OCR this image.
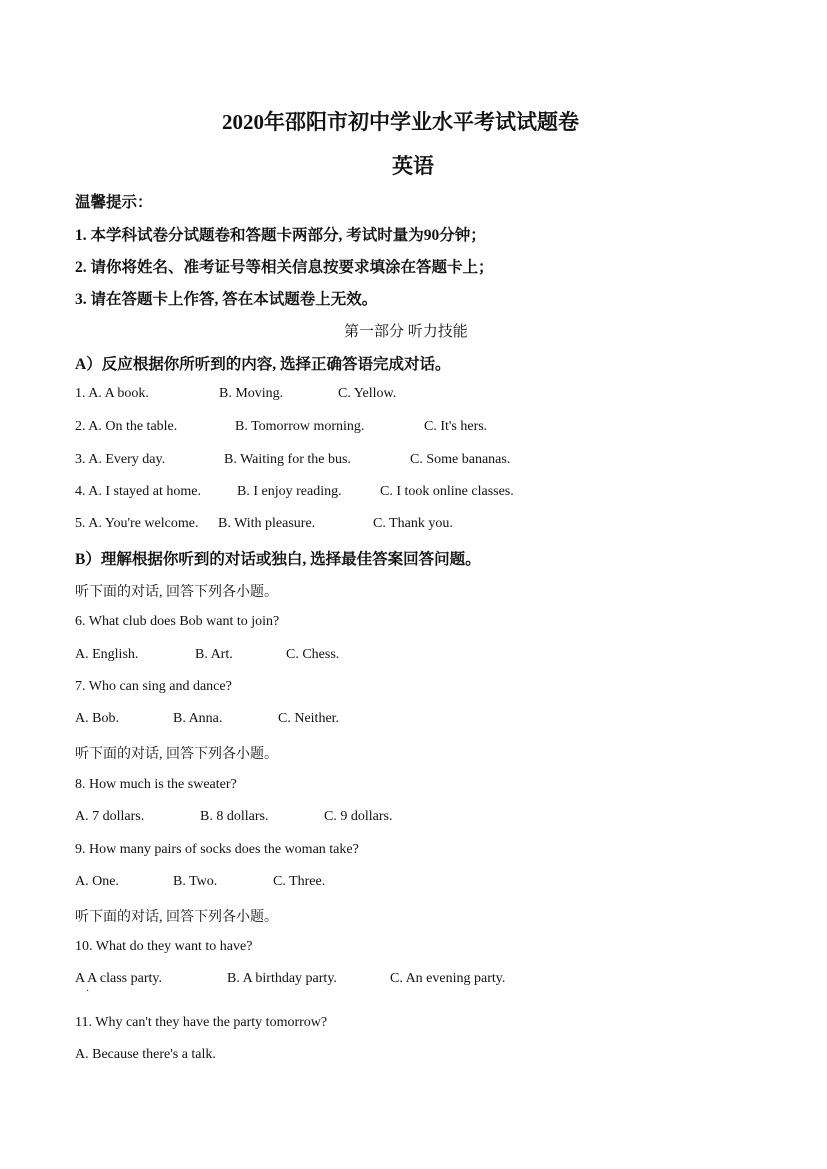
2020年邵阳市初中学业水平考试试题卷
英语
温馨提示：
1. 本学科试卷分试题卷和答题卡两部分, 考试时量为90分钟；
2. 请你将姓名、准考证号等相关信息按要求填涂在答题卡上；
3. 请在答题卡上作答, 答在本试题卷上无效。
第一部分 听力技能
A）反应根据你所听到的内容, 选择正确答语完成对话。
1. A. A book.	B. Moving.	C. Yellow.
2. A. On the table.	B. Tomorrow morning.	C. It's hers.
3. A. Every day.	B. Waiting for the bus.	C. Some bananas.
4. A. I stayed at home.	B. I enjoy reading.	C. I took online classes.
5. A. You're welcome. B. With pleasure.	C. Thank you.
B）理解根据你听到的对话或独白, 选择最佳答案回答问题。
听下面的对话, 回答下列各小题。
6. What club does Bob want to join?
A. English.	B. Art.	C. Chess.
7. Who can sing and dance?
A. Bob.	B. Anna.	C. Neither.
听下面的对话, 回答下列各小题。
8. How much is the sweater?
A. 7 dollars.	B. 8 dollars.	C. 9 dollars.
9. How many pairs of socks does the woman take?
A. One.	B. Two.	C. Three.
听下面的对话, 回答下列各小题。
10. What do they want to have?
A A class party.	B. A birthday party.	C. An evening party.
·
11. Why can't they have the party tomorrow?
A. Because there's a talk.
